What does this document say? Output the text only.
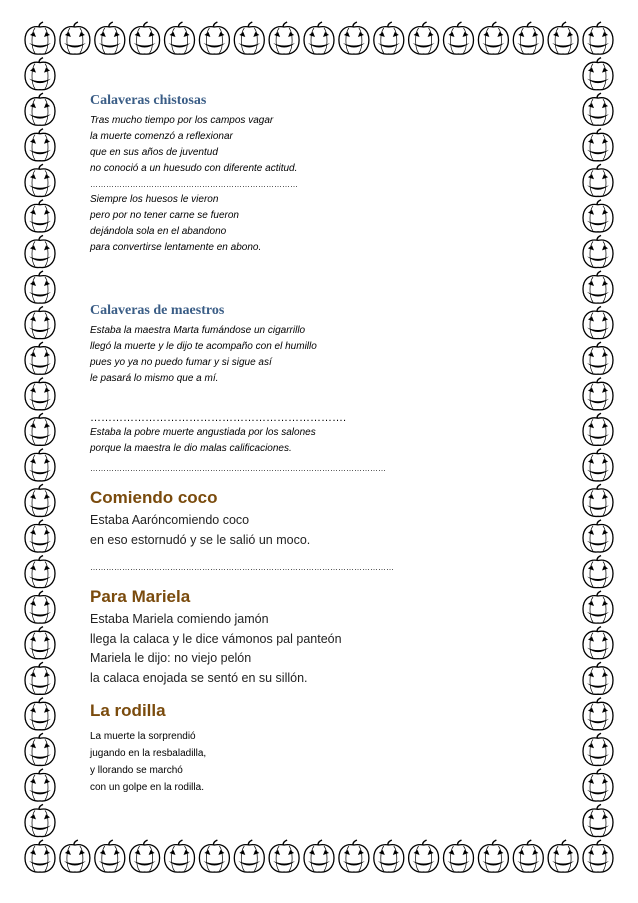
Calaveras chistosas

Tras mucho tiempo por los campos vagar

la muerte comenzó a reflexionar

que en sus años de juventud

no conoció a un huesudo con diferente actitud.

……………………………………………………………………

Siempre los huesos le vieron

pero por no tener carne se fueron

dejándola sola en el abandono

para convertirse lentamente en abono.

Calaveras de maestros

Estaba la maestra Marta fumándose un cigarrillo

llegó la muerte y le dijo te acompaño con el humillo

pues yo ya no puedo fumar y si sigue así

le pasará lo mismo que a mí.

…………………………………………………………….

Estaba la pobre muerte angustiada por los salones

porque la maestra le dio malas calificaciones.

…………………………………………………………………………………………………

Comiendo coco

Estaba Aaróncomiendo coco

en eso estornudó y se le salió un moco.

……………………………………………………………………………………………………

Para Mariela

Estaba Mariela comiendo jamón

llega la calaca y le dice vámonos pal panteón

Mariela le dijo: no viejo pelón

la calaca enojada se sentó en su sillón.

La rodilla

La muerte la sorprendió

jugando en la resbaladilla,

y llorando se marchó

con un golpe en la rodilla.
